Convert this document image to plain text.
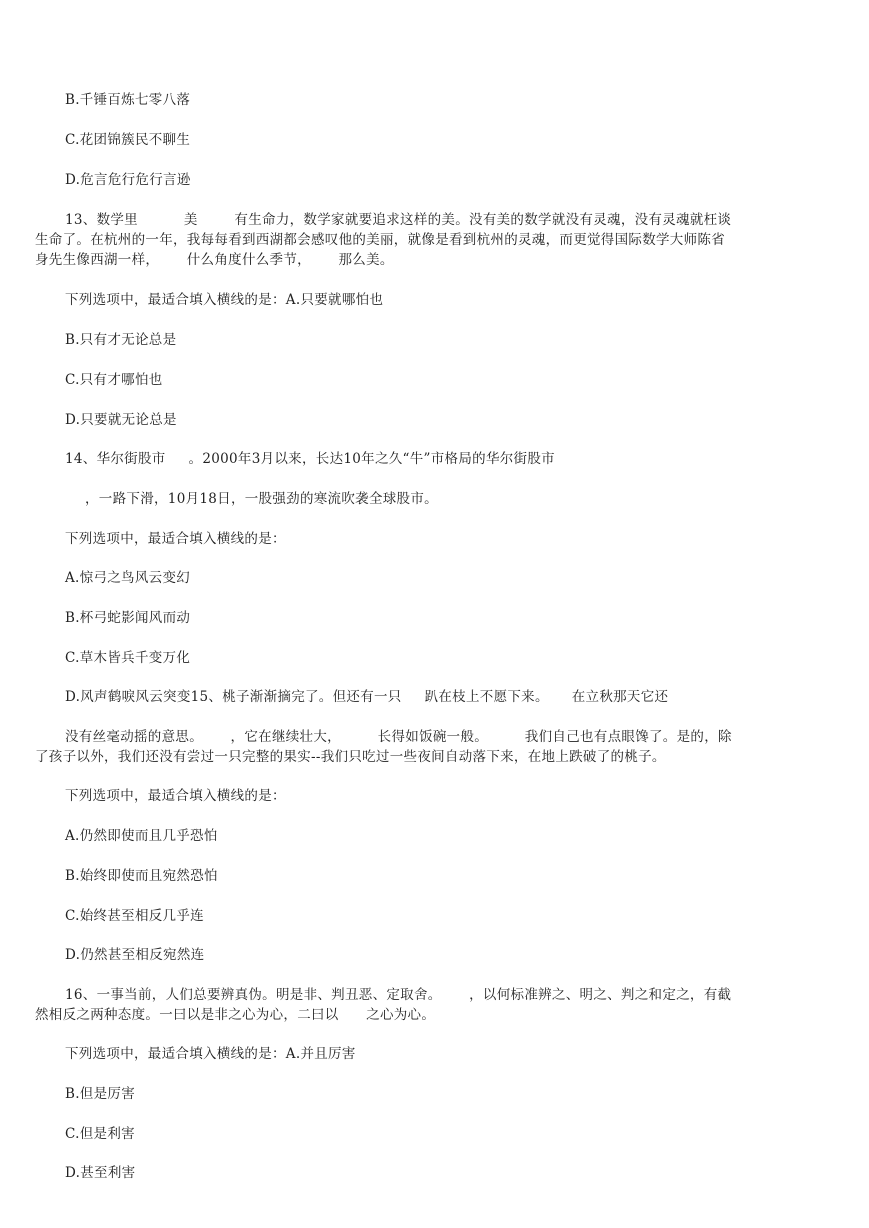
B.千锤百炼七零八落
C.花团锦簇民不聊生
D.危言危行危行言逊
13、数学里          美        有生命力，数学家就要追求这样的美。没有美的数学就没有灵魂，没有灵魂就枉谈
生命了。在杭州的一年，我每每看到西湖都会感叹他的美丽，就像是看到杭州的灵魂，而更觉得国际数学大师陈省
身先生像西湖一样，      什么角度什么季节，      那么美。
下列选项中，最适合填入横线的是：A.只要就哪怕也
B.只有才无论总是
C.只有才哪怕也
D.只要就无论总是
14、华尔街股市     。2000年3月以来，长达10年之久“牛”市格局的华尔街股市
，一路下滑，10月18日，一股强劲的寒流吹袭全球股市。
下列选项中，最适合填入横线的是：
A.惊弓之鸟风云变幻
B.杯弓蛇影闻风而动
C.草木皆兵千变万化
D.风声鹤唳风云突变15、桃子渐渐摘完了。但还有一只     趴在枝上不愿下来。     在立秋那天它还
没有丝毫动摇的意思。      ，它在继续壮大，        长得如饭碗一般。        我们自己也有点眼馋了。是的，除
了孩子以外，我们还没有尝过一只完整的果实--我们只吃过一些夜间自动落下来，在地上跌破了的桃子。
下列选项中，最适合填入横线的是：
A.仍然即使而且几乎恐怕
B.始终即使而且宛然恐怕
C.始终甚至相反几乎连
D.仍然甚至相反宛然连
16、一事当前，人们总要辨真伪。明是非、判丑恶、定取舍。      ，以何标准辨之、明之、判之和定之，有截
然相反之两种态度。一曰以是非之心为心，二曰以      之心为心。
下列选项中，最适合填入横线的是：A.并且厉害
B.但是厉害
C.但是利害
D.甚至利害
